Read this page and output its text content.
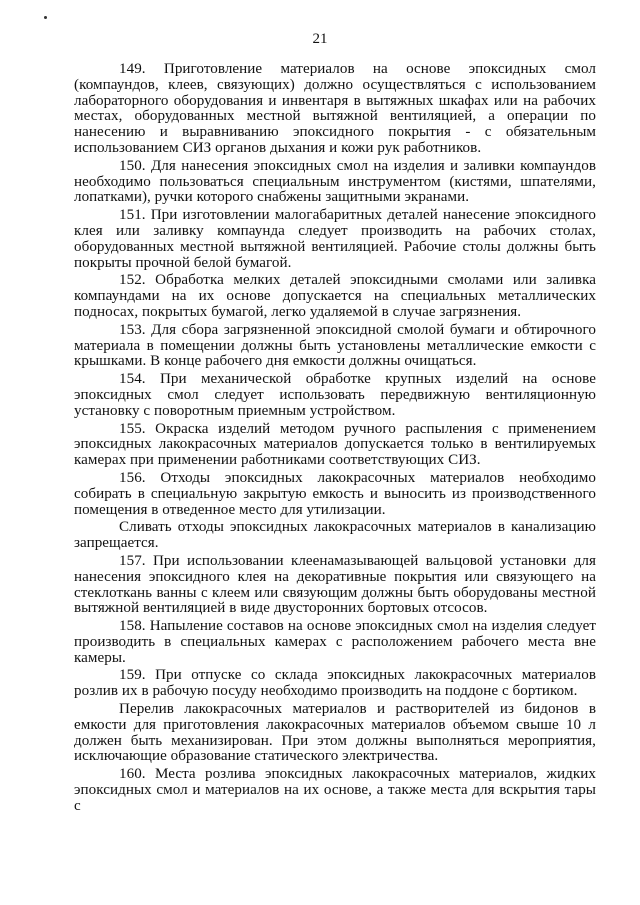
21

149. Приготовление материалов на основе эпоксидных смол (компаундов, клеев, связующих) должно осуществляться с использованием лабораторного оборудования и инвентаря в вытяжных шкафах или на рабочих местах, оборудованных местной вытяжной вентиляцией, а операции по нанесению и выравниванию эпоксидного покрытия - с обязательным использованием СИЗ органов дыхания и кожи рук работников.

150. Для нанесения эпоксидных смол на изделия и заливки компаундов необходимо пользоваться специальным инструментом (кистями, шпателями, лопатками), ручки которого снабжены защитными экранами.

151. При изготовлении малогабаритных деталей нанесение эпоксидного клея или заливку компаунда следует производить на рабочих столах, оборудованных местной вытяжной вентиляцией. Рабочие столы должны быть покрыты прочной белой бумагой.

152. Обработка мелких деталей эпоксидными смолами или заливка компаундами на их основе допускается на специальных металлических подносах, покрытых бумагой, легко удаляемой в случае загрязнения.

153. Для сбора загрязненной эпоксидной смолой бумаги и обтирочного материала в помещении должны быть установлены металлические емкости с крышками. В конце рабочего дня емкости должны очищаться.

154. При механической обработке крупных изделий на основе эпоксидных смол следует использовать передвижную вентиляционную установку с поворотным приемным устройством.

155. Окраска изделий методом ручного распыления с применением эпоксидных лакокрасочных материалов допускается только в вентилируемых камерах при применении работниками соответствующих СИЗ.

156. Отходы эпоксидных лакокрасочных материалов необходимо собирать в специальную закрытую емкость и выносить из производственного помещения в отведенное место для утилизации.

Сливать отходы эпоксидных лакокрасочных материалов в канализацию запрещается.

157. При использовании клеенамазывающей вальцовой установки для нанесения эпоксидного клея на декоративные покрытия или связующего на стеклоткань ванны с клеем или связующим должны быть оборудованы местной вытяжной вентиляцией в виде двусторонних бортовых отсосов.

158. Напыление составов на основе эпоксидных смол на изделия следует производить в специальных камерах с расположением рабочего места вне камеры.

159. При отпуске со склада эпоксидных лакокрасочных материалов розлив их в рабочую посуду необходимо производить на поддоне с бортиком.

Перелив лакокрасочных материалов и растворителей из бидонов в емкости для приготовления лакокрасочных материалов объемом свыше 10 л должен быть механизирован. При этом должны выполняться мероприятия, исключающие образование статического электричества.

160. Места розлива эпоксидных лакокрасочных материалов, жидких эпоксидных смол и материалов на их основе, а также места для вскрытия тары с
